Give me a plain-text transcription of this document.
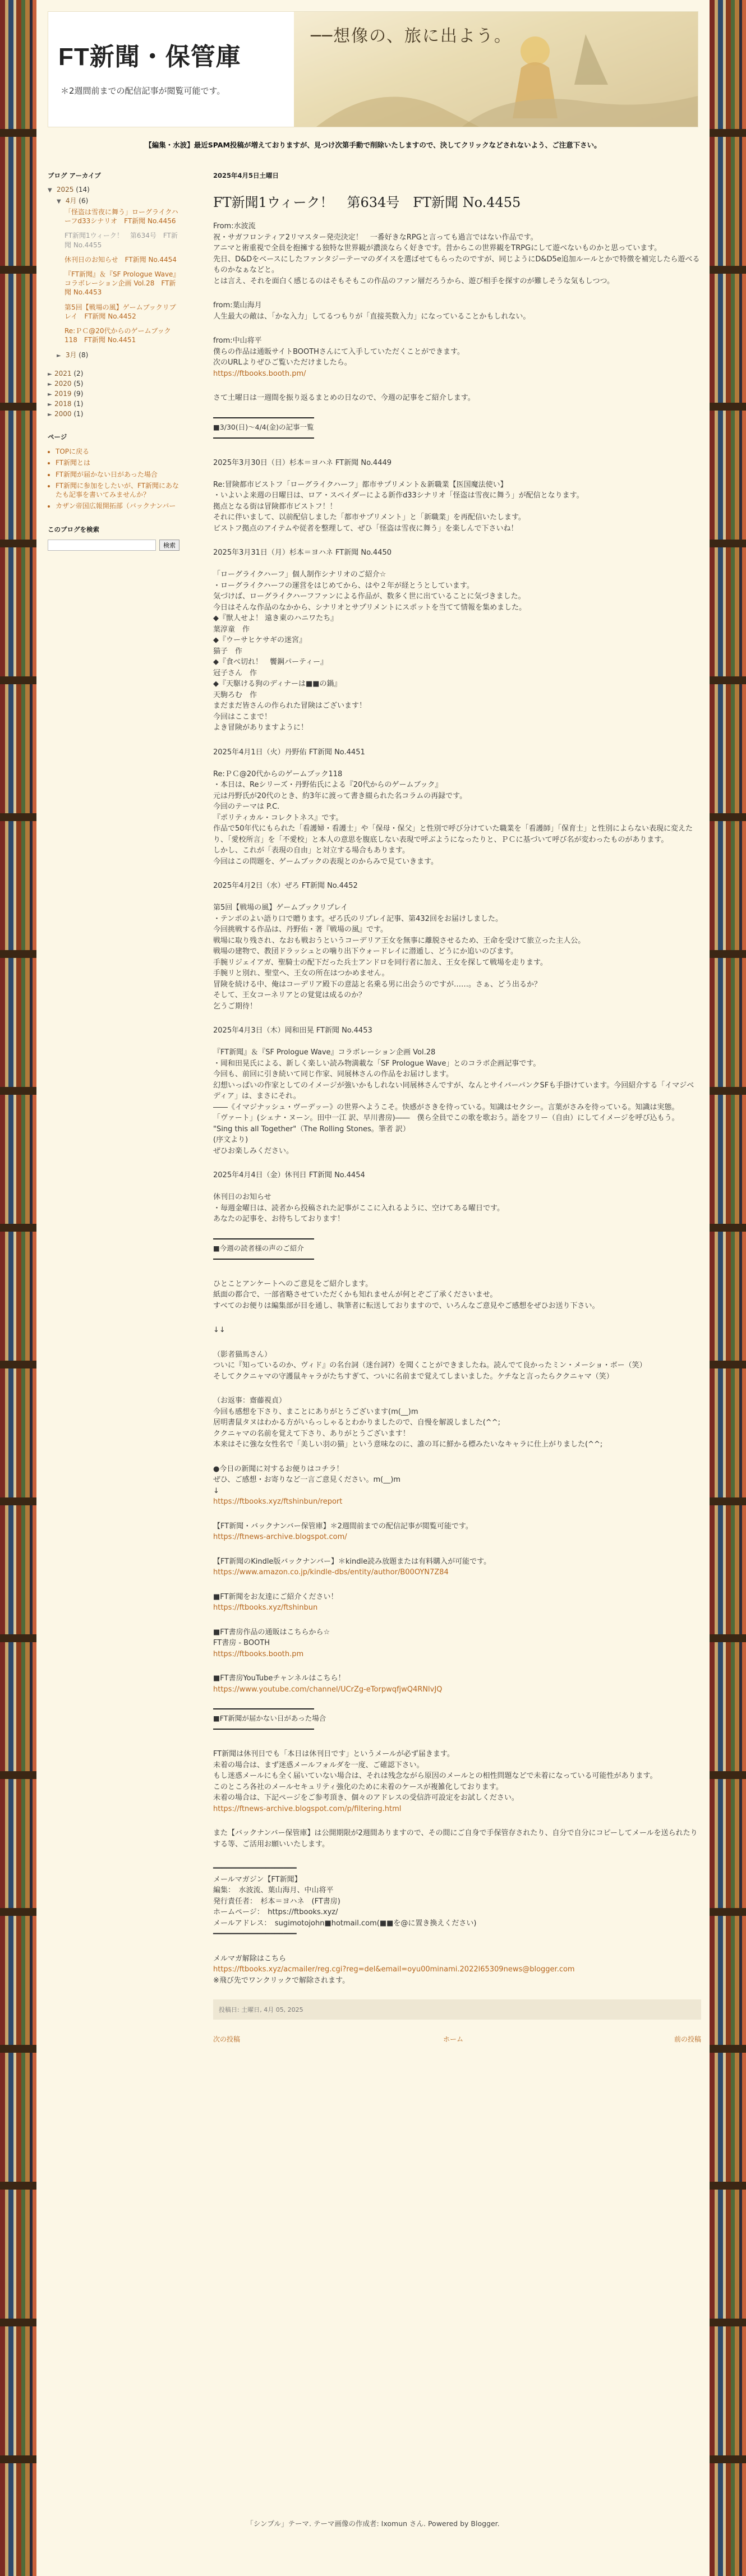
FT新聞・保管庫
＊2週間前までの配信記事が閲覧可能です。
──想像の、旅に出よう。
【編集・水波】最近SPAM投稿が増えておりますが、見つけ次第手動で削除いたしますので、決してクリックなどされないよう、ご注意下さい。
ブログ アーカイブ
▼ 2025 (14)
▼ 4月 (6)
「怪盗は雪夜に舞う」ローグライクハーフd33シナリオ　FT新聞 No.4456
FT新聞1ウィーク！　第634号　FT新聞 No.4455
休刊日のお知らせ　FT新聞 No.4454
『FT新聞』＆『SF Prologue Wave』コラボレーション企画 Vol.28　FT新聞 No.4453
第5回【戦場の風】ゲームブックリプレイ　FT新聞 No.4452
Re:ＰＣ@20代からのゲームブック118　FT新聞 No.4451
► 3月 (8)
► 2021 (2)
► 2020 (5)
► 2019 (9)
► 2018 (1)
► 2000 (1)
ページ
• TOPに戻る
• FT新聞とは
• FT新聞が届かない日があった場合
• FT新聞に参加をしたいが、FT新聞にあなたも記事を書いてみませんか？
• カザン帝国広報開拓部（バックナンバー
このブログを検索
検索
2025年4月5日土曜日
FT新聞1ウィーク！　第634号　FT新聞 No.4455
From:水波流
祝・サガフロンティア2リマスター発売決定！　一番好きなRPGと言っても過言ではない作品です。
アニマと術重視で全員を抱擁する独特な世界観が濃淡ならく好きです。昔からこの世界観をTRPGにして遊べないものかと思っています。
先日、D&Dをベースにしたファンタジーテーマのダイスを選ばせてもらったのですが、同じようにD&D5e追加ルールとかで特徴を補完したら遊べるものかなぁなどと。
とは言え、それを面白く感じるのはそもそもこの作品のファン層だろうから、遊び相手を探すのが難しそうな気もしつつ。
from:葉山海月
人生最大の敵は、「かな入力」してるつもりが「直接英数入力」になっていることかもしれない。
from:中山将平
僕らの作品は通販サイトBOOTHさんにて入手していただくことができます。
次のURLよりぜひご覧いただけましたら。
https://ftbooks.booth.pm/
さて土曜日は一週間を振り返るまとめの日なので、今週の記事をご紹介します。
■3/30(日)～4/4(金)の記事一覧
2025年3月30日（日）杉本＝ヨハネ FT新聞 No.4449

Re:冒険都市ビストフ「ローグライクハーフ」都市サプリメント＆新職業【医国魔法使い】
・いよいよ来週の日曜日は、ロア・スペイダーによる新作d33シナリオ「怪盗は雪夜に舞う」が配信となります。
拠点となる街は冒険都市ビストフ！！
それに伴いまして、以前配信しました「都市サプリメント」と「新職業」を再配信いたします。
ビストフ拠点のアイテムや従者を整理して、ぜひ「怪盗は雪夜に舞う」を楽しんで下さいね！
2025年3月31日（月）杉本＝ヨハネ FT新聞 No.4450

「ローグライクハーフ」個人制作シナリオのご紹介☆
・ローグライクハーフの運営をはじめてから、はや２年が経とうとしています。
気づけば、ローグライクハーフファンによる作品が、数多く世に出ていることに気づきました。
今日はそんな作品のなかから、シナリオとサプリメントにスポットを当てて情報を集めました。
◆『獣人せよ！ 遠き東のハニワたち』
葉淳童　作
◆『ウーサヒケサギの迷宮』
猫子　作
◆『食べ切れ！　饗鋼パーティー』
冠子さん　作
◆『天駆ける狗のディナーは■■の鍋』
天駒ろむ　作
まだまだ皆さんの作られた冒険はございます！
今回はここまで！
よき冒険がありますように！
2025年4月1日（火）丹野佑 FT新聞 No.4451

Re:ＰＣ@20代からのゲームブック118
・本日は、Reシリーズ・丹野佑氏による『20代からのゲームブック』
元は丹野氏が20代のとき、約3年に渡って書き綴られた名コラムの再録です。
今回のテーマは P.C.
『ポリティカル・コレクトネス』です。
作品で50年代にもられた「看護婦・看護士」や「保母・保父」と性別で呼び分けていた職業を「看護師」「保育士」と性別によらない表現に変えたり、「愛校所言」を「不愛校」と本人の意思を腹底しない表現で呼ぶようになったりと、ＰＣに基づいて呼び名が変わったものがあります。
しかし、これが「表現の自由」と対立する場合もあります。
今回はこの問題を、ゲームブックの表現とのからみで見ていきます。
2025年4月2日（水）ぜろ FT新聞 No.4452

第5回【戦場の風】ゲームブックリプレイ
・テンポのよい語り口で贈ります。ぜろ氏のリプレイ記事、第432回をお届けしました。
今回挑戦する作品は、丹野佑・著『戦場の風』です。
戦場に取り残され、なおも戦おうというコーデリア王女を無事に離脱させるため、王命を受けて旅立った主人公。
戦場の建物で、教団ドラッシュとの噛り出下ウォードレイに潜遁し、どうにか追いのびます。
手腕リジェイアガ、聖騎士の配下だった兵士アンドロを同行者に加え、王女を探して戦場を走ります。
手腕リと別れ、聖堂へ、王女の所在はつかめません。
冒険を続ける中、俺はコーデリア殿下の意誌と名乗る男に出会うのですが……。さぁ、どう出るか？
そして、王女コーネリアとの覚覚は成るのか？
乞うご期待！
2025年4月3日（木）岡和田晃 FT新聞 No.4453

『FT新聞』＆『SF Prologue Wave』コラボレーション企画 Vol.28
・岡和田晃氏による、新しく楽しい読み物満載な「SF Prologue Wave」とのコラボ企画記事です。
今回も、前回に引き続いて同じ作家、同展林さんの作品をお届けします。
幻想いっぱいの作家としてのイメージが強いかもしれない同展林さんですが、なんとサイバーパンクSFも手掛けています。今回紹介する「イマジベディア」は、まさにそれ。
――《イマジナッシュ・ヴーデッー》の世界へようこそ。快感がさきを待っている。知識はセクシー。言葉がさみを待っている。知識は実態。
「ヴァート」(シェナ・ヌーン。田中一江 訳、早川書房)――　僕ら全員でこの歌を歌おう。語をフリー（自由）にしてイメージを呼び込もう。
"Sing this all Together"（The Rolling Stones。筆者 訳）
(序文より)
ぜひお楽しみください。
2025年4月4日（金）休刊日 FT新聞 No.4454

休刊日のお知らせ
・毎週金曜日は、読者から投稿された記事がここに入れるように、空けてある曜日です。
あなたの記事を、お待ちしております！
■今週の読者様の声のご紹介
ひとことアンケートへのご意見をご紹介します。
紙面の都合で、一部省略させていただくかも知れませんが何とぞご了承くださいませ。
すべてのお便りは編集部が目を通し、執筆者に転送しておりますので、いろんなご意見やご感想をぜひお送り下さい。
↓↓
（影者猫馬さん）
ついに『知っているのか、ヴィド』の名台詞（迷台詞?）を聞くことができましたね。読んでて良かったミン・メーショ・ボー（笑）
そしてククニャマの守護鼠キャラがたちすぎて、ついに名前まで覚えてしまいました。ケチなと言ったらククニャマ（笑）
（お返事：齋藤視貞）
今回も感想を下さり、まことにありがとうございます(m(__)m
居明書鼠タヌはわかる方がいらっしゃるとわかりましたので、自慢を解説しました(^^;
ククニャマの名前を覚えて下さり、ありがとうございます！
本来はそに強な女性名で「美しい羽の猫」という意味なのに、誰の耳に鮮かる標みたいなキャラに仕上がりました(^^;
●今日の新聞に対するお便りはコチラ！
ぜひ、ご感想・お寄りなど一言ご意見ください。m(__)m
↓
https://ftbooks.xyz/ftshinbun/report
【FT新聞・バックナンバー保管庫】＊2週間前までの配信記事が閲覧可能です。
https://ftnews-archive.blogspot.com/
【FT新聞のKindle版バックナンバー】＊kindle読み放題または有料購入が可能です。
https://www.amazon.co.jp/kindle-dbs/entity/author/B00OYN7Z84
■FT新聞をお友達にご紹介ください！
https://ftbooks.xyz/ftshinbun
■FT書房作品の通販はこちらから☆
FT書房 - BOOTH
https://ftbooks.booth.pm
■FT書房YouTubeチャンネルはこちら！
https://www.youtube.com/channel/UCrZg-eTorpwqfjwQ4RNlvJQ
■FT新聞が届かない日があった場合
FT新聞は休刊日でも「本日は休刊日です」というメールが必ず届きます。
未着の場合は、まず迷惑メールフォルダを一度、ご確認下さい。
もし迷惑メールにも全く届いていない場合は、それは残念ながら原因のメールとの相性問題などで未着になっている可能性があります。
このところ各社のメールセキュリティ強化のために未着のケースが複雑化しております。
未着の場合は、下記ページをご参考頂き、個々のアドレスの受信許可設定をお試しください。
https://ftnews-archive.blogspot.com/p/filtering.html
また【バックナンバー保管庫】は公開期限が2週間ありますので、その間にご自身で手保管存されたり、自分で自分にコピーしてメールを送られたりする等、ご活用お願いいたします。
━━━━━━━━━━━━━━━━━━━
メールマガジン【FT新聞】
編集：　水波流、葉山海月、中山将平
発行責任者：　杉本＝ヨハネ　(FT書房)
ホームページ：　https://ftbooks.xyz/
メールアドレス：　sugimotojohn■hotmail.com(■■を@に置き換えください)
━━━━━━━━━━━━━━━━━━━
メルマガ解除はこちら
https://ftbooks.xyz/acmailer/reg.cgi?reg=del&email=oyu00minami.2022l65309news@blogger.com
※飛び先でワンクリックで解除されます。
投稿日: 土曜日, 4月 05, 2025
次の投稿	ホーム	前の投稿
「シンプル」テーマ. テーマ画像の作成者: Ixomun さん. Powered by Blogger.
